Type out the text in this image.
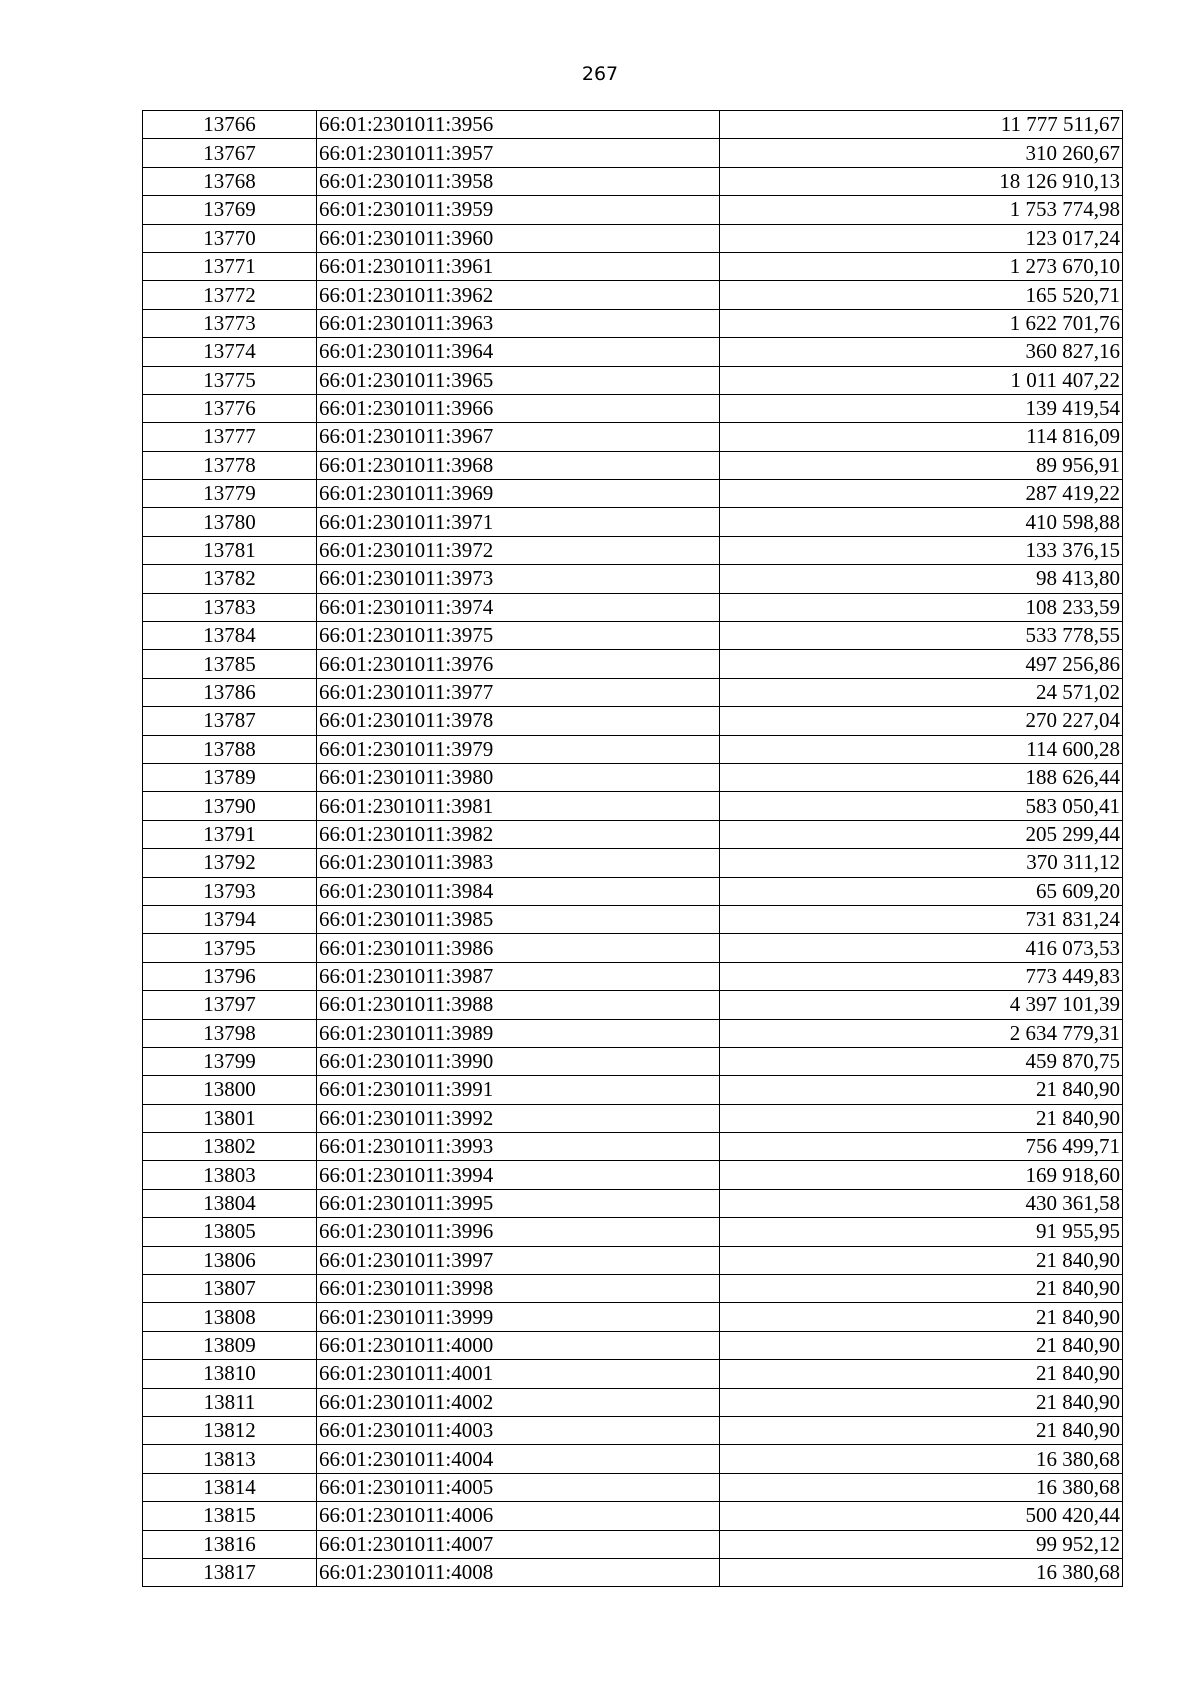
267
13766	66:01:2301011:3956	11 777 511,67
13767	66:01:2301011:3957	310 260,67
13768	66:01:2301011:3958	18 126 910,13
13769	66:01:2301011:3959	1 753 774,98
13770	66:01:2301011:3960	123 017,24
13771	66:01:2301011:3961	1 273 670,10
13772	66:01:2301011:3962	165 520,71
13773	66:01:2301011:3963	1 622 701,76
13774	66:01:2301011:3964	360 827,16
13775	66:01:2301011:3965	1 011 407,22
13776	66:01:2301011:3966	139 419,54
13777	66:01:2301011:3967	114 816,09
13778	66:01:2301011:3968	89 956,91
13779	66:01:2301011:3969	287 419,22
13780	66:01:2301011:3971	410 598,88
13781	66:01:2301011:3972	133 376,15
13782	66:01:2301011:3973	98 413,80
13783	66:01:2301011:3974	108 233,59
13784	66:01:2301011:3975	533 778,55
13785	66:01:2301011:3976	497 256,86
13786	66:01:2301011:3977	24 571,02
13787	66:01:2301011:3978	270 227,04
13788	66:01:2301011:3979	114 600,28
13789	66:01:2301011:3980	188 626,44
13790	66:01:2301011:3981	583 050,41
13791	66:01:2301011:3982	205 299,44
13792	66:01:2301011:3983	370 311,12
13793	66:01:2301011:3984	65 609,20
13794	66:01:2301011:3985	731 831,24
13795	66:01:2301011:3986	416 073,53
13796	66:01:2301011:3987	773 449,83
13797	66:01:2301011:3988	4 397 101,39
13798	66:01:2301011:3989	2 634 779,31
13799	66:01:2301011:3990	459 870,75
13800	66:01:2301011:3991	21 840,90
13801	66:01:2301011:3992	21 840,90
13802	66:01:2301011:3993	756 499,71
13803	66:01:2301011:3994	169 918,60
13804	66:01:2301011:3995	430 361,58
13805	66:01:2301011:3996	91 955,95
13806	66:01:2301011:3997	21 840,90
13807	66:01:2301011:3998	21 840,90
13808	66:01:2301011:3999	21 840,90
13809	66:01:2301011:4000	21 840,90
13810	66:01:2301011:4001	21 840,90
13811	66:01:2301011:4002	21 840,90
13812	66:01:2301011:4003	21 840,90
13813	66:01:2301011:4004	16 380,68
13814	66:01:2301011:4005	16 380,68
13815	66:01:2301011:4006	500 420,44
13816	66:01:2301011:4007	99 952,12
13817	66:01:2301011:4008	16 380,68
